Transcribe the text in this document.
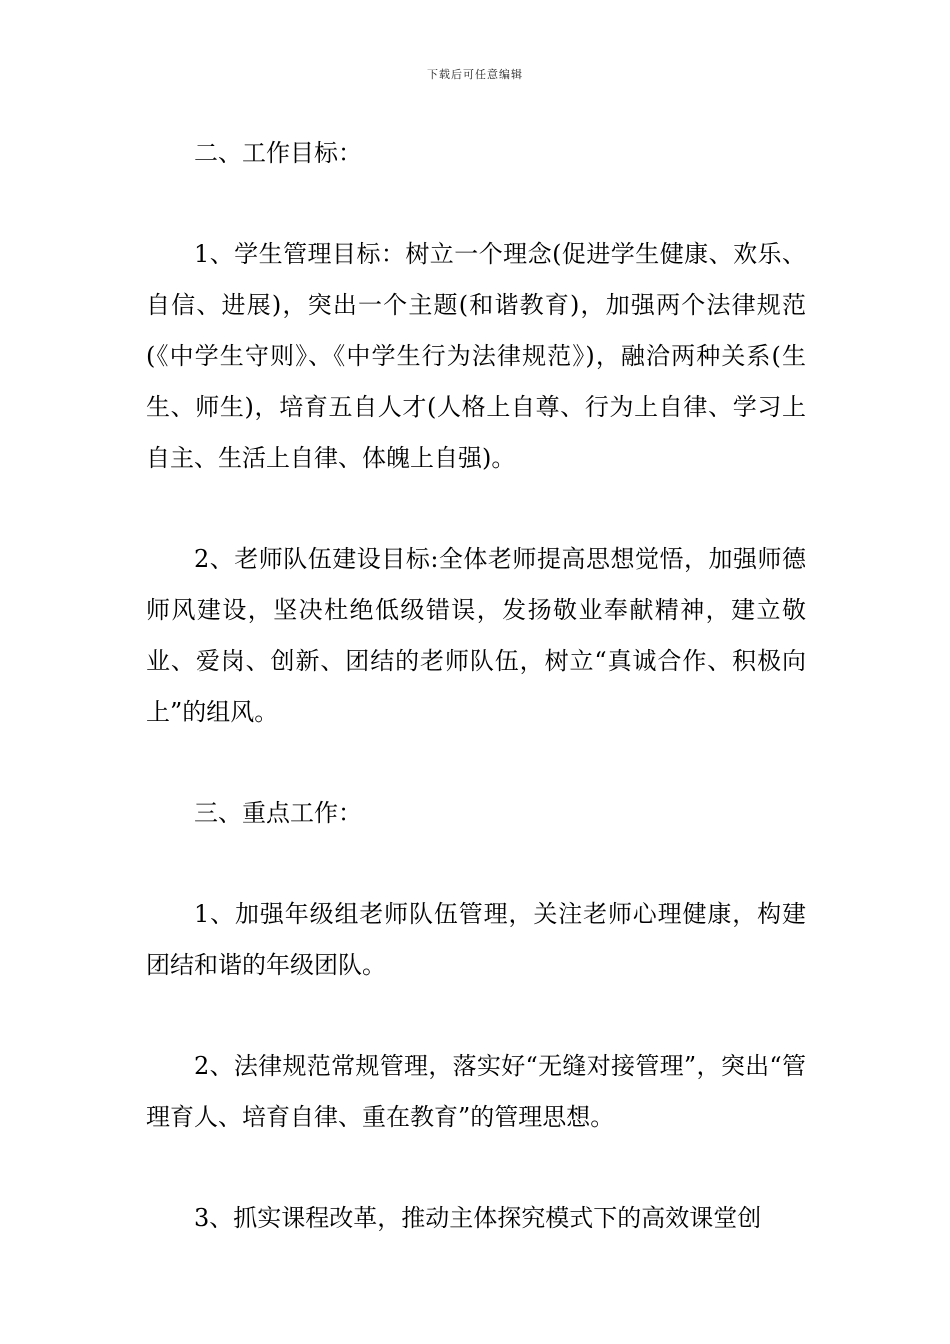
下载后可任意编辑

二、工作目标：

1、学生管理目标：树立一个理念(促进学生健康、欢乐、自信、进展)，突出一个主题(和谐教育)，加强两个法律规范(《中学生守则》、《中学生行为法律规范》)，融洽两种关系(生生、师生)，培育五自人才(人格上自尊、行为上自律、学习上自主、生活上自律、体魄上自强)。

2、老师队伍建设目标:全体老师提高思想觉悟，加强师德师风建设，坚决杜绝低级错误，发扬敬业奉献精神，建立敬业、爱岗、创新、团结的老师队伍，树立“真诚合作、积极向上”的组风。

三、重点工作：

1、加强年级组老师队伍管理，关注老师心理健康，构建团结和谐的年级团队。

2、法律规范常规管理，落实好“无缝对接管理”，突出“管理育人、培育自律、重在教育”的管理思想。

3、抓实课程改革，推动主体探究模式下的高效课堂创
